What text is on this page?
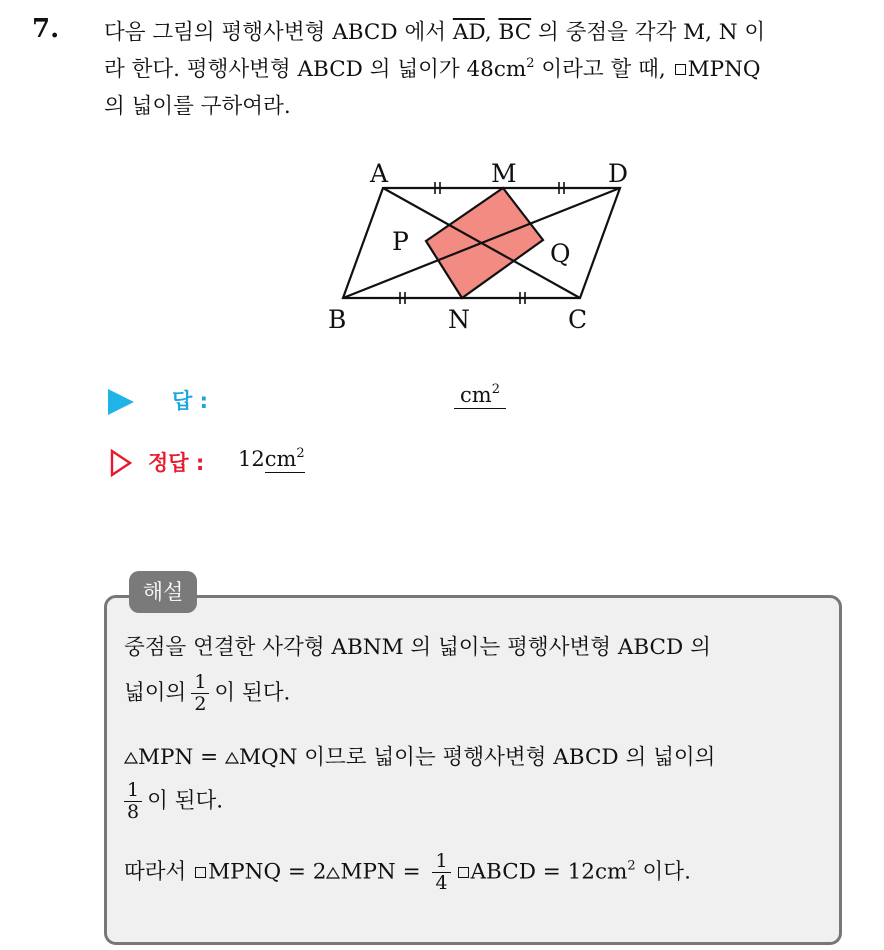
7. 다음 그림의 평행사변형 ABCD 에서 $\overline{AD}$, $\overline{BC}$ 의 중점을 각각 M, N 이
라 한다. 평행사변형 ABCD 의 넓이가 $48cm^2$ 이라고 할 때, MPNQ
의 넓이를 구하여라.
A	M	D
P	Q
B	N	C
답 :	$cm^2$
정답 : $12cm^2$
해설
중점을 연결한 사각형 ABNM 의 넓이는 평행사변형 ABCD 의
넓이의 $\frac{1}{2}$ 이 된다.
MPN = MQN 이므로 넓이는 평행사변형 ABCD 의 넓이의
$\frac{1}{8}$ 이 된다.
따라서 MPNQ = 2 MPN = $\frac{1}{4}$ ABCD = $12cm^2$ 이다.
